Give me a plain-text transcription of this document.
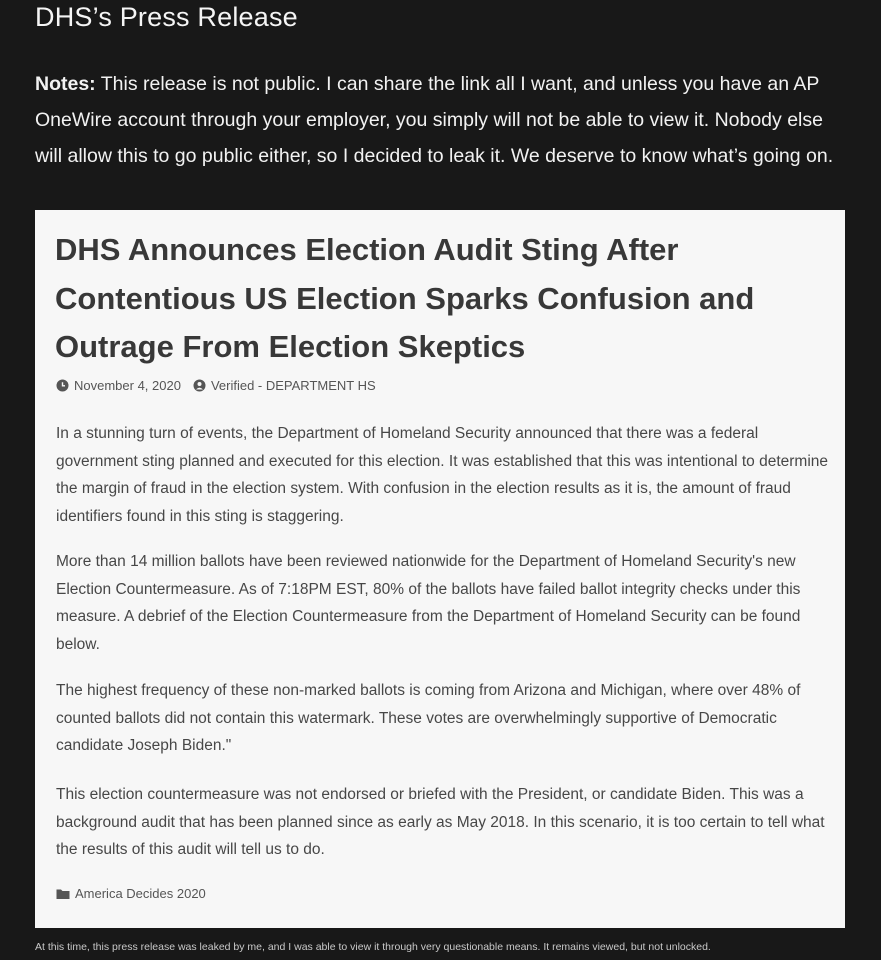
DHS’s Press Release
Notes: This release is not public. I can share the link all I want, and unless you have an AP OneWire account through your employer, you simply will not be able to view it. Nobody else will allow this to go public either, so I decided to leak it. We deserve to know what’s going on.
DHS Announces Election Audit Sting After Contentious US Election Sparks Confusion and Outrage From Election Skeptics
November 4, 2020 Verified - DEPARTMENT HS

In a stunning turn of events, the Department of Homeland Security announced that there was a federal government sting planned and executed for this election. It was established that this was intentional to determine the margin of fraud in the election system. With confusion in the election results as it is, the amount of fraud identifiers found in this sting is staggering.

More than 14 million ballots have been reviewed nationwide for the Department of Homeland Security's new Election Countermeasure. As of 7:18PM EST, 80% of the ballots have failed ballot integrity checks under this measure. A debrief of the Election Countermeasure from the Department of Homeland Security can be found below.

The highest frequency of these non-marked ballots is coming from Arizona and Michigan, where over 48% of counted ballots did not contain this watermark. These votes are overwhelmingly supportive of Democratic candidate Joseph Biden."

This election countermeasure was not endorsed or briefed with the President, or candidate Biden. This was a background audit that has been planned since as early as May 2018. In this scenario, it is too certain to tell what the results of this audit will tell us to do.

America Decides 2020
At this time, this press release was leaked by me, and I was able to view it through very questionable means. It remains viewed, but not unlocked.
